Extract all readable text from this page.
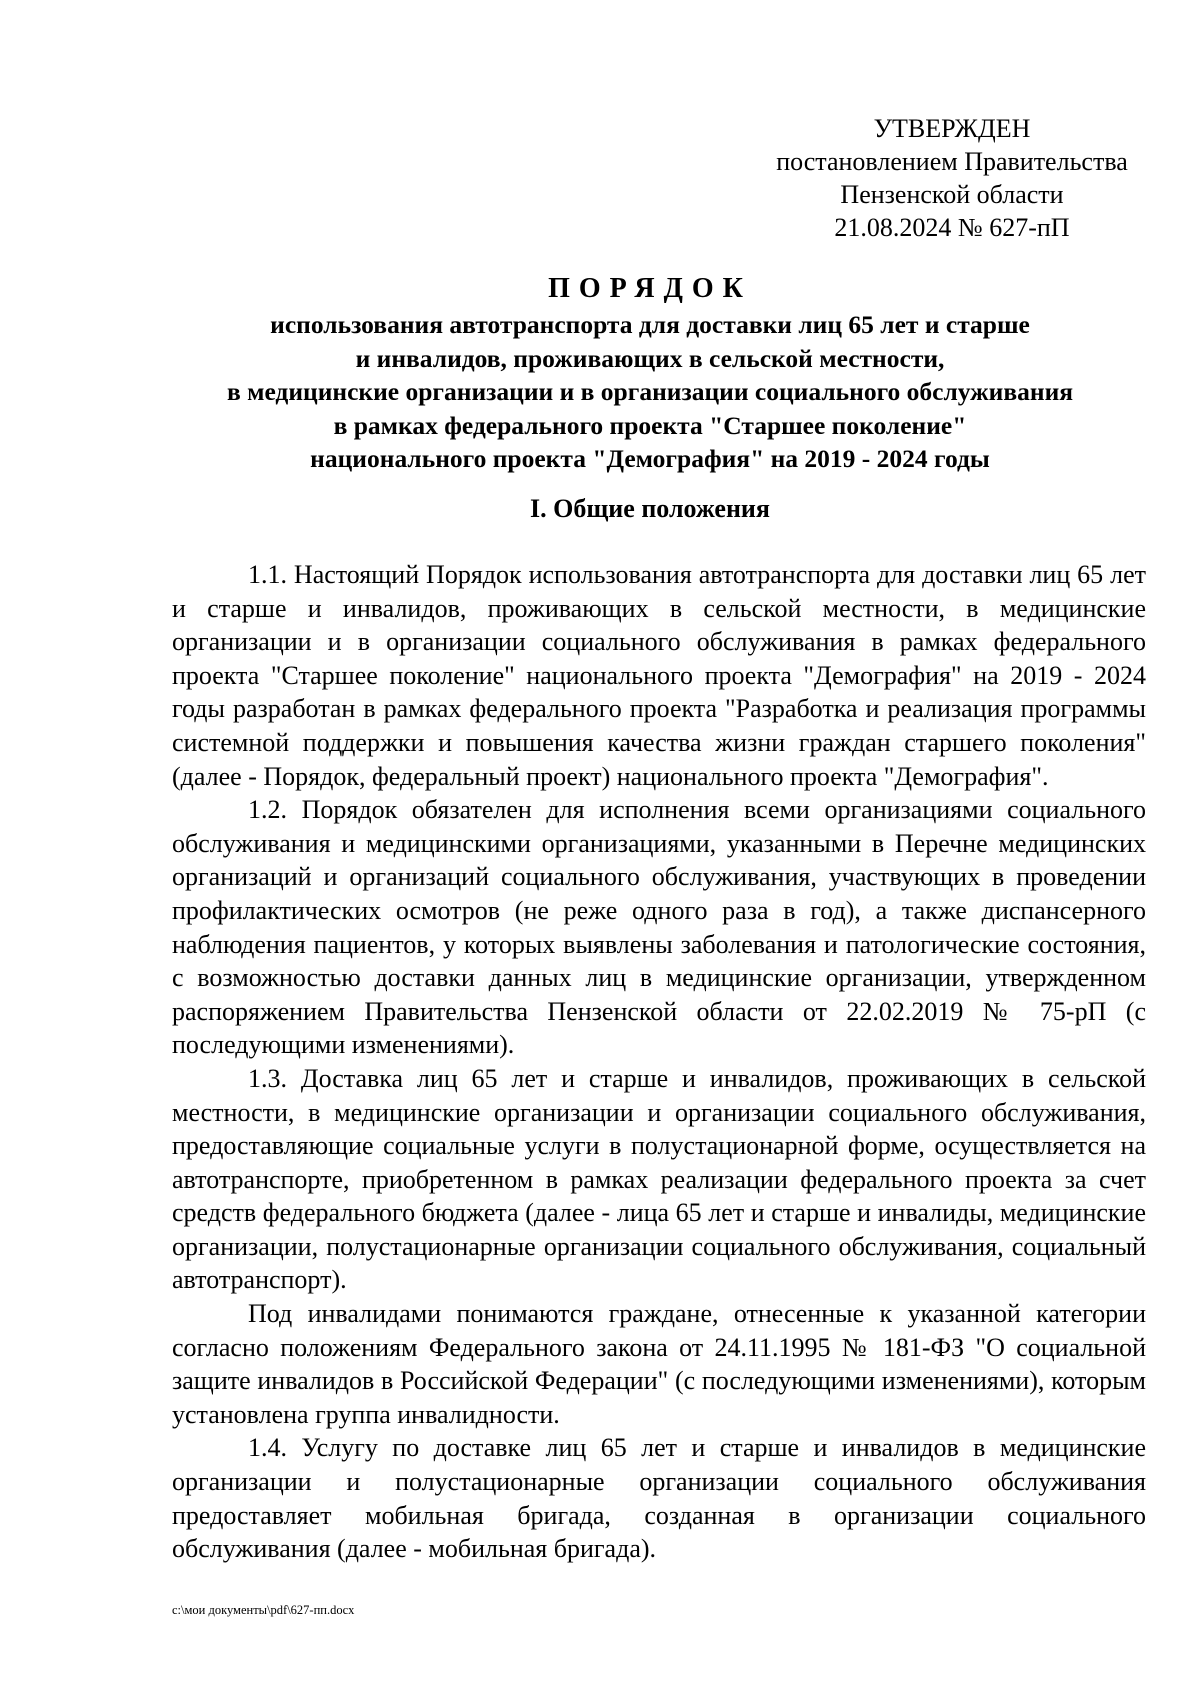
УТВЕРЖДЕН
постановлением Правительства
Пензенской области
21.08.2024 № 627-пП
ПОРЯДОК
использования автотранспорта для доставки лиц 65 лет и старше
и инвалидов, проживающих в сельской местности,
в медицинские организации и в организации социального обслуживания
в рамках федерального проекта "Старшее поколение"
национального проекта "Демография" на 2019 - 2024 годы
I. Общие положения

1.1. Настоящий Порядок использования автотранспорта для доставки лиц 65 лет и старше и инвалидов, проживающих в сельской местности, в медицинские организации и в организации социального обслуживания в рамках федерального проекта "Старшее поколение" национального проекта "Демография" на 2019 - 2024 годы разработан в рамках федерального проекта "Разработка и реализация программы системной поддержки и повышения качества жизни граждан старшего поколения" (далее - Порядок, федеральный проект) национального проекта "Демография".

1.2. Порядок обязателен для исполнения всеми организациями социального обслуживания и медицинскими организациями, указанными в Перечне медицинских организаций и организаций социального обслуживания, участвующих в проведении профилактических осмотров (не реже одного раза в год), а также диспансерного наблюдения пациентов, у которых выявлены заболевания и патологические состояния, с возможностью доставки данных лиц в медицинские организации, утвержденном распоряжением Правительства Пензенской области от 22.02.2019 № 75-рП (с последующими изменениями).

1.3. Доставка лиц 65 лет и старше и инвалидов, проживающих в сельской местности, в медицинские организации и организации социального обслуживания, предоставляющие социальные услуги в полустационарной форме, осуществляется на автотранспорте, приобретенном в рамках реализации федерального проекта за счет средств федерального бюджета (далее - лица 65 лет и старше и инвалиды, медицинские организации, полустационарные организации социального обслуживания, социальный автотранспорт).

Под инвалидами понимаются граждане, отнесенные к указанной категории согласно положениям Федерального закона от 24.11.1995 № 181-ФЗ "О социальной защите инвалидов в Российской Федерации" (с последующими изменениями), которым установлена группа инвалидности.

1.4. Услугу по доставке лиц 65 лет и старше и инвалидов в медицинские организации и полустационарные организации социального обслуживания предоставляет мобильная бригада, созданная в организации социального обслуживания (далее - мобильная бригада).

c:\мои документы\pdf\627-пп.docx
